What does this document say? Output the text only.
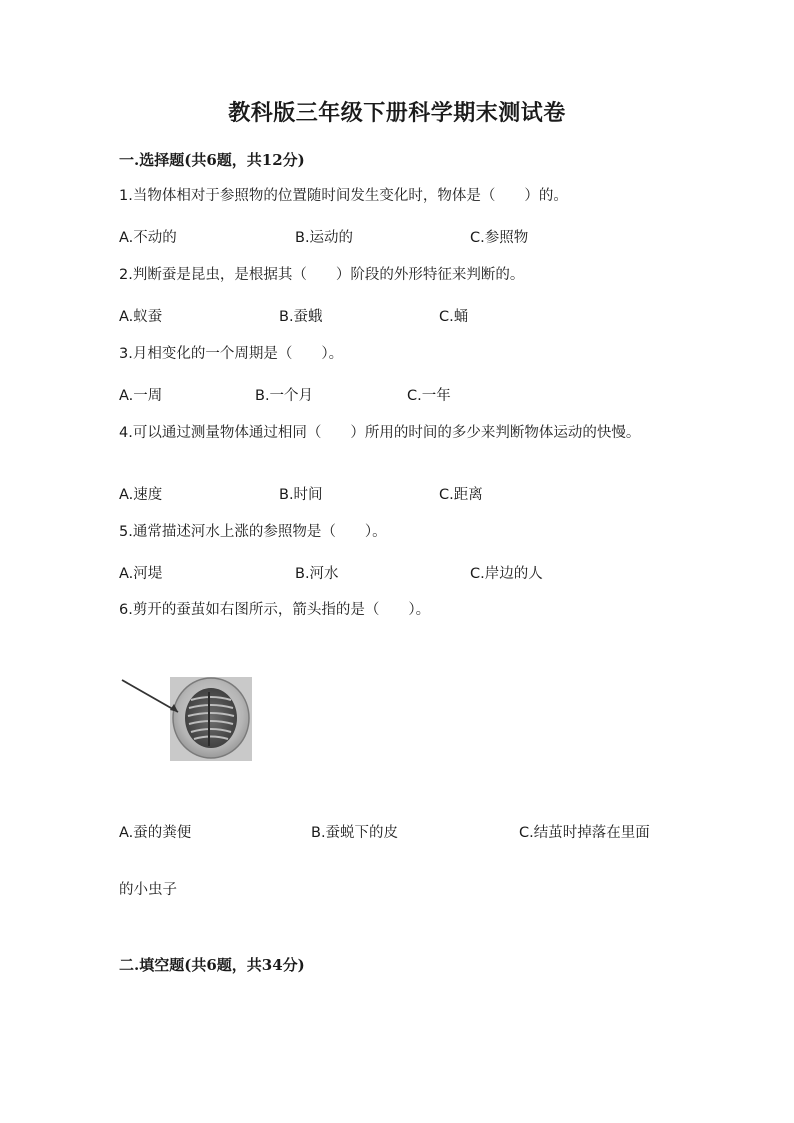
教科版三年级下册科学期末测试卷
一.选择题(共6题，共12分)
1.当物体相对于参照物的位置随时间发生变化时，物体是（　　）的。
A.不动的	B.运动的	C.参照物
2.判断蚕是昆虫，是根据其（　　）阶段的外形特征来判断的。
A.蚁蚕	B.蚕蛾	C.蛹
3.月相变化的一个周期是（　　）。
A.一周	B.一个月	C.一年
4.可以通过测量物体通过相同（　　）所用的时间的多少来判断物体运动的快慢。
A.速度	B.时间	C.距离
5.通常描述河水上涨的参照物是（　　）。
A.河堤	B.河水	C.岸边的人
6.剪开的蚕茧如右图所示，箭头指的是（　　）。
A.蚕的粪便	B.蚕蜕下的皮	C.结茧时掉落在里面
的小虫子
二.填空题(共6题，共34分)
